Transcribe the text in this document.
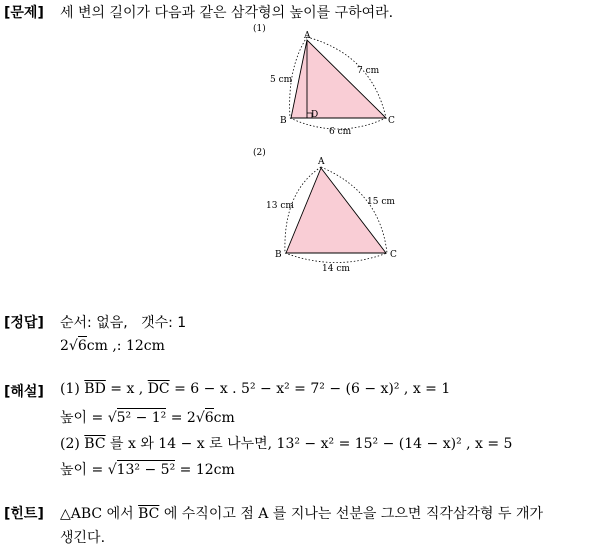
[문제] 세 변의 길이가 다음과 같은 삼각형의 높이를 구하여라.
(1)
A
B	C
D
5 cm
7 cm
6 cm
(2)
A
B	C
13 cm	15 cm
14 cm
[정답] 순서: 없음, 갯수: 1
2√6cm ,: 12cm
[해설] (1) $\overline{BD} = x$ , $\overline{DC} = 6 - x$ . 5² − x² = 7² − (6 − x)² , x = 1
높이 = √5² − 1² = 2√6cm
(2) $\overline{BC}$ 를 x 와 14 − x 로 나누면, 13² − x² = 15² − (14 − x)² , x = 5
높이 = √13² − 5² = 12cm
[힌트] △ABC 에서 $\overline{BC}$ 에 수직이고 점 A 를 지나는 선분을 그으면 직각삼각형 두 개가
생긴다.
